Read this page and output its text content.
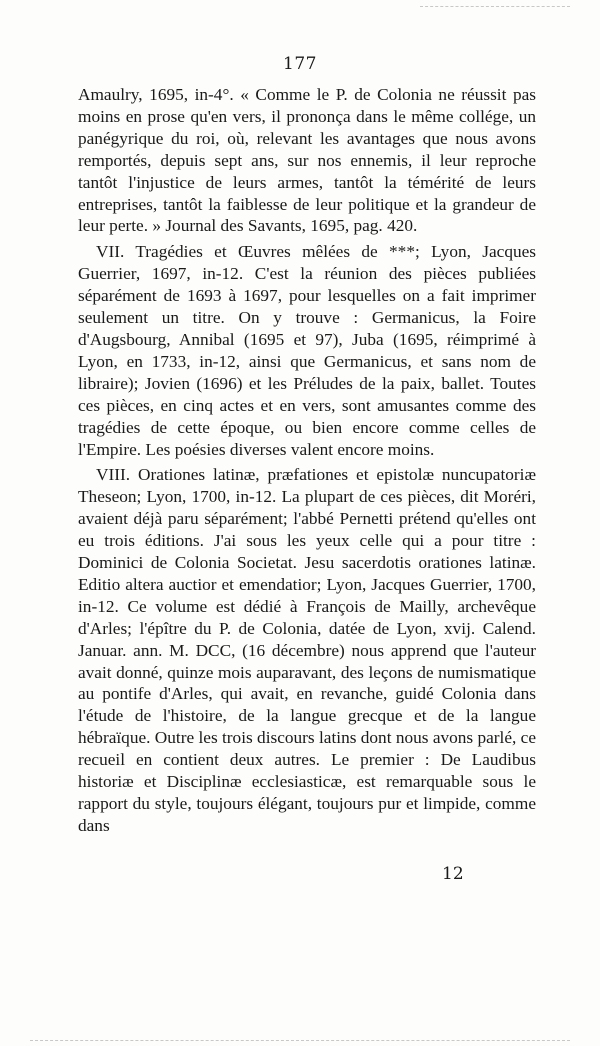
177

Amaulry, 1695, in-4°. « Comme le P. de Colonia ne réussit pas moins en prose qu'en vers, il prononça dans le même collége, un panégyrique du roi, où, relevant les avantages que nous avons remportés, depuis sept ans, sur nos ennemis, il leur reproche tantôt l'injustice de leurs armes, tantôt la témérité de leurs entreprises, tantôt la faiblesse de leur politique et la grandeur de leur perte. » Journal des Savants, 1695, pag. 420.

VII. Tragédies et Œuvres mêlées de ***; Lyon, Jacques Guerrier, 1697, in-12. C'est la réunion des pièces publiées séparément de 1693 à 1697, pour lesquelles on a fait imprimer seulement un titre. On y trouve : Germanicus, la Foire d'Augsbourg, Annibal (1695 et 97), Juba (1695, réimprimé à Lyon, en 1733, in-12, ainsi que Germanicus, et sans nom de libraire); Jovien (1696) et les Préludes de la paix, ballet. Toutes ces pièces, en cinq actes et en vers, sont amusantes comme des tragédies de cette époque, ou bien encore comme celles de l'Empire. Les poésies diverses valent encore moins.

VIII. Orationes latinæ, præfationes et epistolæ nuncupatoriæ Theseon; Lyon, 1700, in-12. La plupart de ces pièces, dit Moréri, avaient déjà paru séparément; l'abbé Pernetti prétend qu'elles ont eu trois éditions. J'ai sous les yeux celle qui a pour titre : Dominici de Colonia Societat. Jesu sacerdotis orationes latinæ. Editio altera auctior et emendatior; Lyon, Jacques Guerrier, 1700, in-12. Ce volume est dédié à François de Mailly, archevêque d'Arles; l'épître du P. de Colonia, datée de Lyon, xvij. Calend. Januar. ann. M. DCC, (16 décembre) nous apprend que l'auteur avait donné, quinze mois auparavant, des leçons de numismatique au pontife d'Arles, qui avait, en revanche, guidé Colonia dans l'étude de l'histoire, de la langue grecque et de la langue hébraïque. Outre les trois discours latins dont nous avons parlé, ce recueil en contient deux autres. Le premier : De Laudibus historiæ et Disciplinæ ecclesiasticæ, est remarquable sous le rapport du style, toujours élégant, toujours pur et limpide, comme dans

12
